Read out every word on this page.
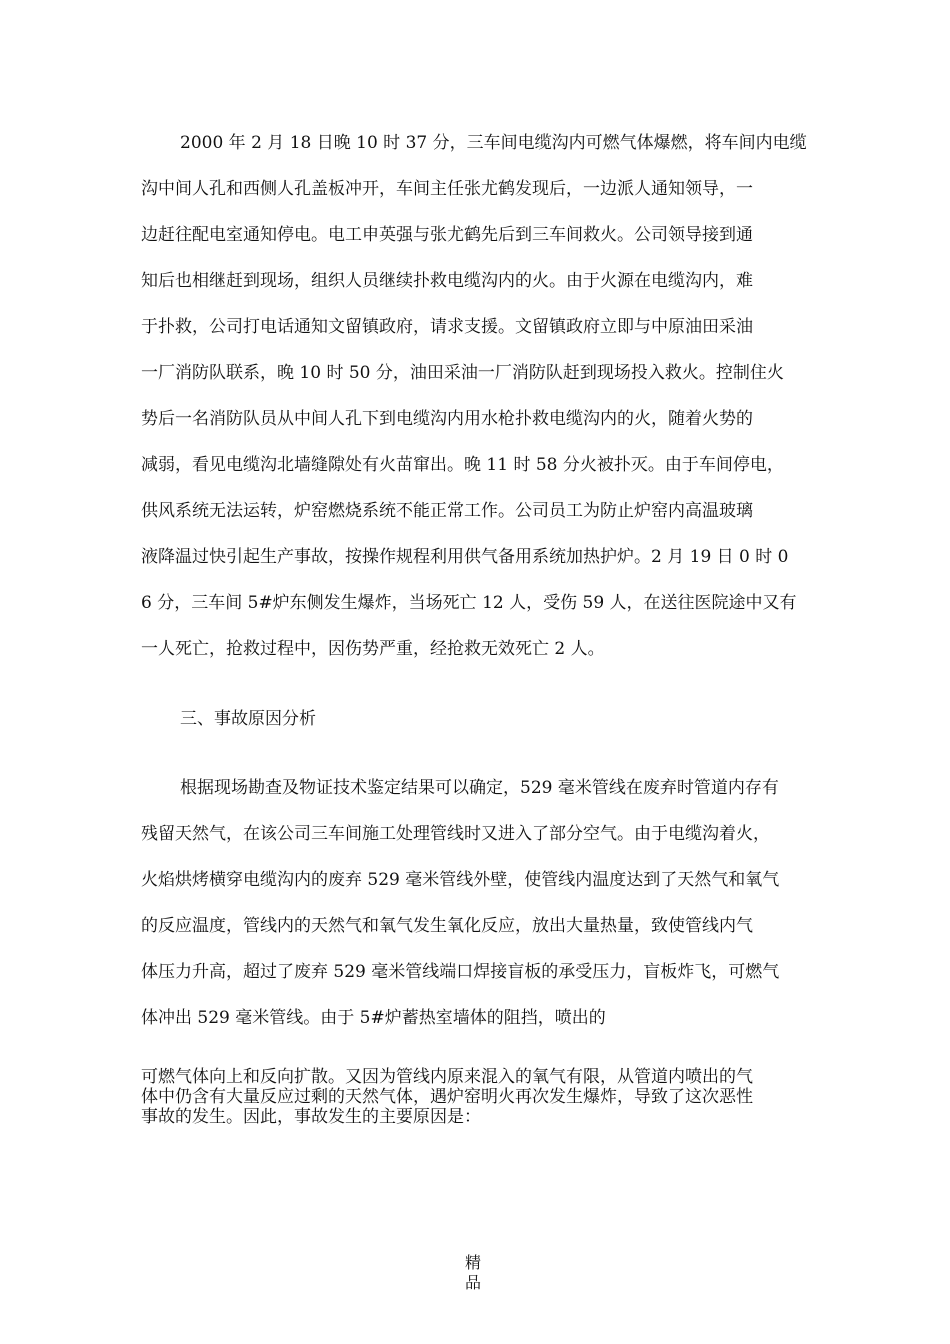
2000 年 2 月 18 日晚 10 时 37 分，三车间电缆沟内可燃气体爆燃，将车间内电缆
沟中间人孔和西侧人孔盖板冲开，车间主任张尤鹤发现后，一边派人通知领导，一
边赶往配电室通知停电。电工申英强与张尤鹤先后到三车间救火。公司领导接到通
知后也相继赶到现场，组织人员继续扑救电缆沟内的火。由于火源在电缆沟内，难
于扑救，公司打电话通知文留镇政府，请求支援。文留镇政府立即与中原油田采油
一厂消防队联系，晚 10 时 50 分，油田采油一厂消防队赶到现场投入救火。控制住火
势后一名消防队员从中间人孔下到电缆沟内用水枪扑救电缆沟内的火，随着火势的
减弱，看见电缆沟北墙缝隙处有火苗窜出。晚 11 时 58 分火被扑灭。由于车间停电，
供风系统无法运转，炉窑燃烧系统不能正常工作。公司员工为防止炉窑内高温玻璃
液降温过快引起生产事故，按操作规程利用供气备用系统加热护炉。2 月 19 日 0 时 0
6 分，三车间 5#炉东侧发生爆炸，当场死亡 12 人，受伤 59 人，在送往医院途中又有
一人死亡，抢救过程中，因伤势严重，经抢救无效死亡 2 人。
三、事故原因分析
根据现场勘查及物证技术鉴定结果可以确定，529 毫米管线在废弃时管道内存有
残留天然气，在该公司三车间施工处理管线时又进入了部分空气。由于电缆沟着火，
火焰烘烤横穿电缆沟内的废弃 529 毫米管线外壁，使管线内温度达到了天然气和氧气
的反应温度，管线内的天然气和氧气发生氧化反应，放出大量热量，致使管线内气
体压力升高，超过了废弃 529 毫米管线端口焊接盲板的承受压力，盲板炸飞，可燃气
体冲出 529 毫米管线。由于 5#炉蓄热室墙体的阻挡，喷出的
可燃气体向上和反向扩散。又因为管线内原来混入的氧气有限，从管道内喷出的气
体中仍含有大量反应过剩的天然气体，遇炉窑明火再次发生爆炸，导致了这次恶性
事故的发生。因此，事故发生的主要原因是：
精
品
